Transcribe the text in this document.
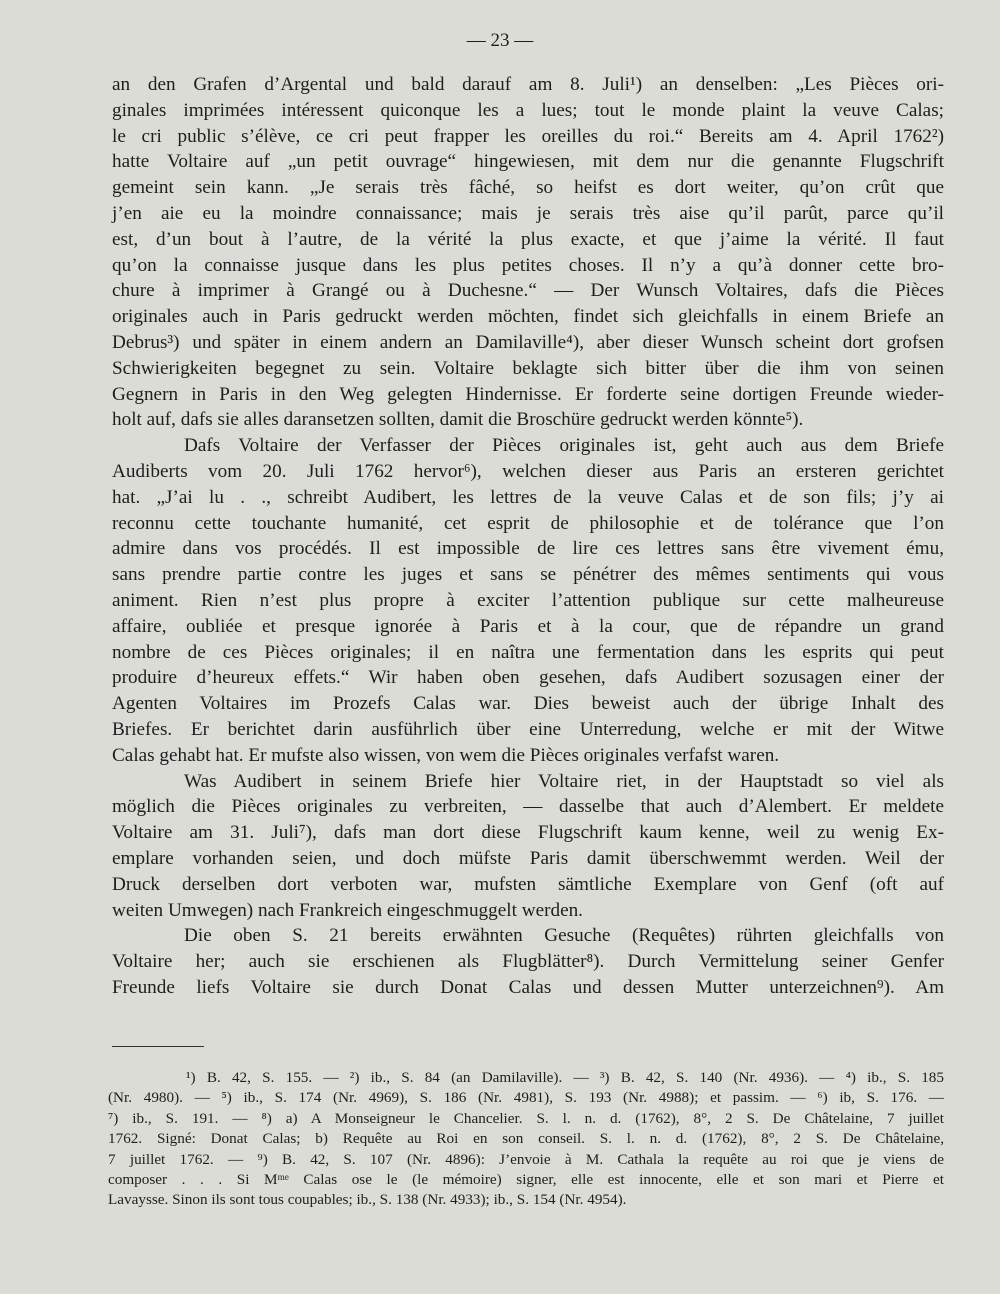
— 23 —
an den Grafen d’Argental und bald darauf am 8. Juli¹) an denselben: „Les Pièces ori-
ginales imprimées intéressent quiconque les a lues; tout le monde plaint la veuve Calas;
le cri public s’élève, ce cri peut frapper les oreilles du roi.“ Bereits am 4. April 1762²)
hatte Voltaire auf „un petit ouvrage“ hingewiesen, mit dem nur die genannte Flugschrift
gemeint sein kann. „Je serais très fâché, so heifst es dort weiter, qu’on crût que
j’en aie eu la moindre connaissance; mais je serais très aise qu’il parût, parce qu’il
est, d’un bout à l’autre, de la vérité la plus exacte, et que j’aime la vérité. Il faut
qu’on la connaisse jusque dans les plus petites choses. Il n’y a qu’à donner cette bro-
chure à imprimer à Grangé ou à Duchesne.“ — Der Wunsch Voltaires, dafs die Pièces
originales auch in Paris gedruckt werden möchten, findet sich gleichfalls in einem Briefe an
Debrus³) und später in einem andern an Damilaville⁴), aber dieser Wunsch scheint dort grofsen
Schwierigkeiten begegnet zu sein. Voltaire beklagte sich bitter über die ihm von seinen
Gegnern in Paris in den Weg gelegten Hindernisse. Er forderte seine dortigen Freunde wieder-
holt auf, dafs sie alles daransetzen sollten, damit die Broschüre gedruckt werden könnte⁵).
Dafs Voltaire der Verfasser der Pièces originales ist, geht auch aus dem Briefe
Audiberts vom 20. Juli 1762 hervor⁶), welchen dieser aus Paris an ersteren gerichtet
hat. „J’ai lu . ., schreibt Audibert, les lettres de la veuve Calas et de son fils; j’y ai
reconnu cette touchante humanité, cet esprit de philosophie et de tolérance que l’on
admire dans vos procédés. Il est impossible de lire ces lettres sans être vivement ému,
sans prendre partie contre les juges et sans se pénétrer des mêmes sentiments qui vous
animent. Rien n’est plus propre à exciter l’attention publique sur cette malheureuse
affaire, oubliée et presque ignorée à Paris et à la cour, que de répandre un grand
nombre de ces Pièces originales; il en naîtra une fermentation dans les esprits qui peut
produire d’heureux effets.“ Wir haben oben gesehen, dafs Audibert sozusagen einer der
Agenten Voltaires im Prozefs Calas war. Dies beweist auch der übrige Inhalt des
Briefes. Er berichtet darin ausführlich über eine Unterredung, welche er mit der Witwe
Calas gehabt hat. Er mufste also wissen, von wem die Pièces originales verfafst waren.
Was Audibert in seinem Briefe hier Voltaire riet, in der Hauptstadt so viel als
möglich die Pièces originales zu verbreiten, — dasselbe that auch d’Alembert. Er meldete
Voltaire am 31. Juli⁷), dafs man dort diese Flugschrift kaum kenne, weil zu wenig Ex-
emplare vorhanden seien, und doch müfste Paris damit überschwemmt werden. Weil der
Druck derselben dort verboten war, mufsten sämtliche Exemplare von Genf (oft auf
weiten Umwegen) nach Frankreich eingeschmuggelt werden.
Die oben S. 21 bereits erwähnten Gesuche (Requêtes) rührten gleichfalls von
Voltaire her; auch sie erschienen als Flugblätter⁸). Durch Vermittelung seiner Genfer
Freunde liefs Voltaire sie durch Donat Calas und dessen Mutter unterzeichnen⁹). Am
¹) B. 42, S. 155. — ²) ib., S. 84 (an Damilaville). — ³) B. 42, S. 140 (Nr. 4936). — ⁴) ib., S. 185
(Nr. 4980). — ⁵) ib., S. 174 (Nr. 4969), S. 186 (Nr. 4981), S. 193 (Nr. 4988); et passim. — ⁶) ib, S. 176. —
⁷) ib., S. 191. — ⁸) a) A Monseigneur le Chancelier. S. l. n. d. (1762), 8°, 2 S. De Châtelaine, 7 juillet
1762. Signé: Donat Calas; b) Requête au Roi en son conseil. S. l. n. d. (1762), 8°, 2 S. De Châtelaine,
7 juillet 1762. — ⁹) B. 42, S. 107 (Nr. 4896): J’envoie à M. Cathala la requête au roi que je viens de
composer . . . Si Mᵐᵉ Calas ose le (le mémoire) signer, elle est innocente, elle et son mari et Pierre et
Lavaysse. Sinon ils sont tous coupables; ib., S. 138 (Nr. 4933); ib., S. 154 (Nr. 4954).
